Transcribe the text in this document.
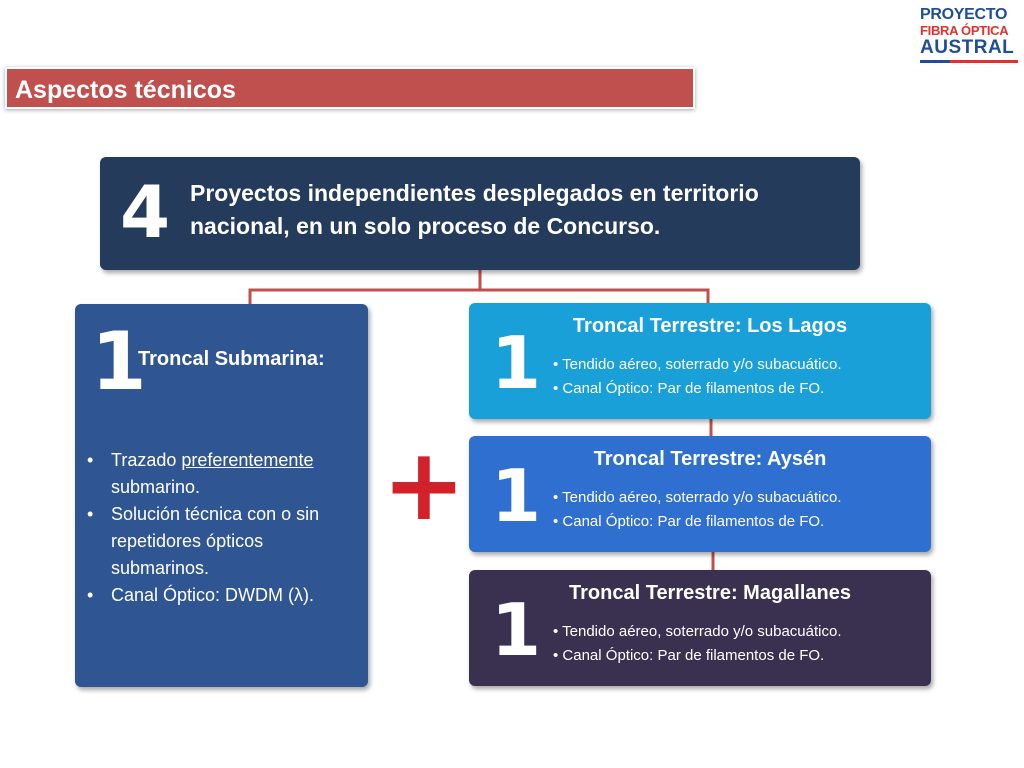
PROYECTO
FIBRA ÓPTICA
AUSTRAL
Aspectos técnicos
4 Proyectos independientes desplegados en territorio nacional, en un solo proceso de Concurso.
1
Troncal Submarina:
• Trazado preferentemente submarino.
• Solución técnica con o sin repetidores ópticos submarinos.
• Canal Óptico: DWDM (λ).
+
1	Troncal Terrestre: Los Lagos
• Tendido aéreo, soterrado y/o subacuático.
• Canal Óptico: Par de filamentos de FO.
1	Troncal Terrestre: Aysén
• Tendido aéreo, soterrado y/o subacuático.
• Canal Óptico: Par de filamentos de FO.
1	Troncal Terrestre: Magallanes
• Tendido aéreo, soterrado y/o subacuático.
• Canal Óptico: Par de filamentos de FO.
